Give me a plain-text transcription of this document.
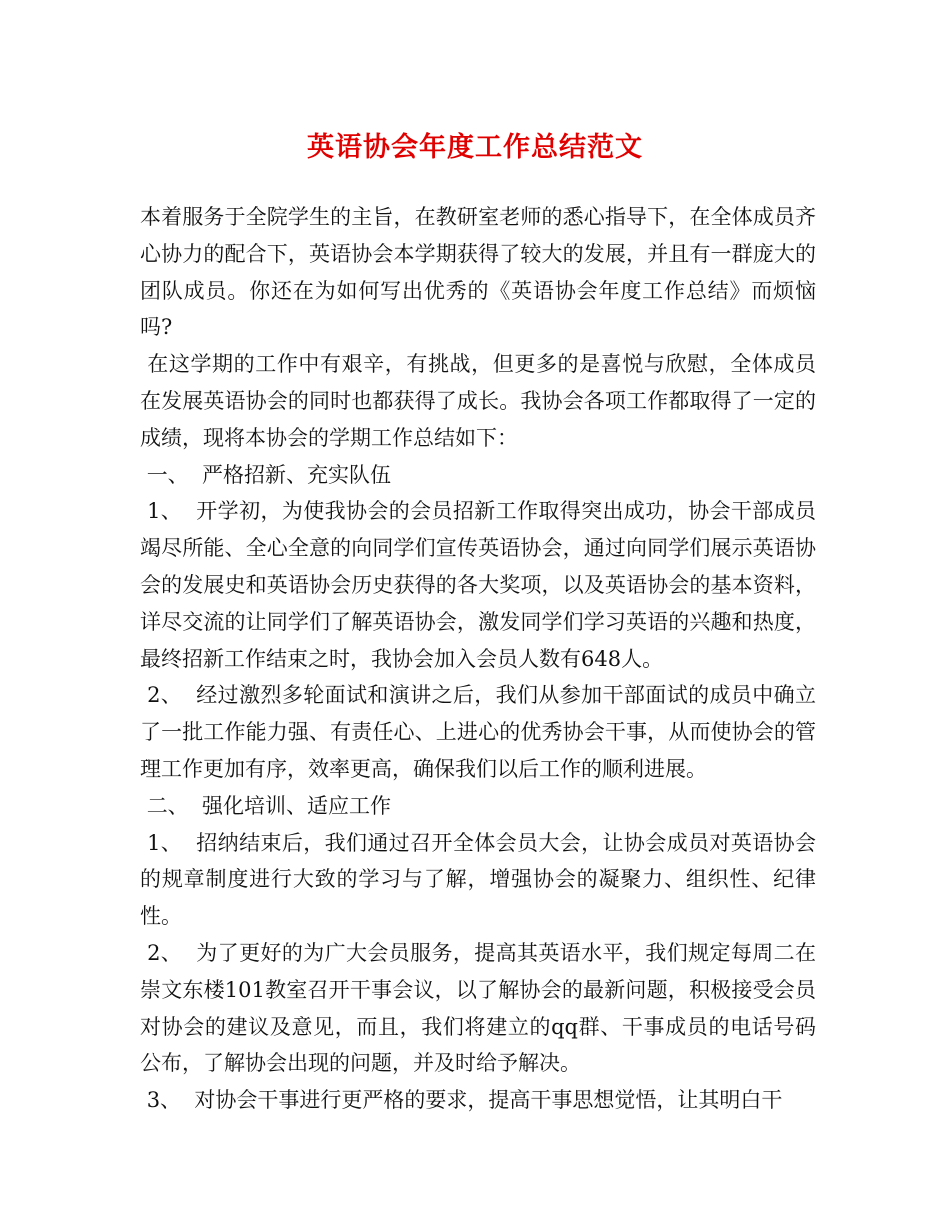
英语协会年度工作总结范文

本着服务于全院学生的主旨，在教研室老师的悉心指导下，在全体成员齐心协力的配合下，英语协会本学期获得了较大的发展，并且有一群庞大的团队成员。你还在为如何写出优秀的《英语协会年度工作总结》而烦恼吗?

在这学期的工作中有艰辛，有挑战，但更多的是喜悦与欣慰，全体成员在发展英语协会的同时也都获得了成长。我协会各项工作都取得了一定的成绩，现将本协会的学期工作总结如下：

一、  严格招新、充实队伍

1、  开学初，为使我协会的会员招新工作取得突出成功，协会干部成员竭尽所能、全心全意的向同学们宣传英语协会，通过向同学们展示英语协会的发展史和英语协会历史获得的各大奖项，以及英语协会的基本资料，详尽交流的让同学们了解英语协会，激发同学们学习英语的兴趣和热度，最终招新工作结束之时，我协会加入会员人数有648人。

2、  经过激烈多轮面试和演讲之后，我们从参加干部面试的成员中确立了一批工作能力强、有责任心、上进心的优秀协会干事，从而使协会的管理工作更加有序，效率更高，确保我们以后工作的顺利进展。

二、  强化培训、适应工作

1、  招纳结束后，我们通过召开全体会员大会，让协会成员对英语协会的规章制度进行大致的学习与了解，增强协会的凝聚力、组织性、纪律性。

2、  为了更好的为广大会员服务，提高其英语水平，我们规定每周二在崇文东楼101教室召开干事会议，以了解协会的最新问题，积极接受会员对协会的建议及意见，而且，我们将建立的qq群、干事成员的电话号码公布，了解协会出现的问题，并及时给予解决。

3、  对协会干事进行更严格的要求，提高干事思想觉悟，让其明白干
